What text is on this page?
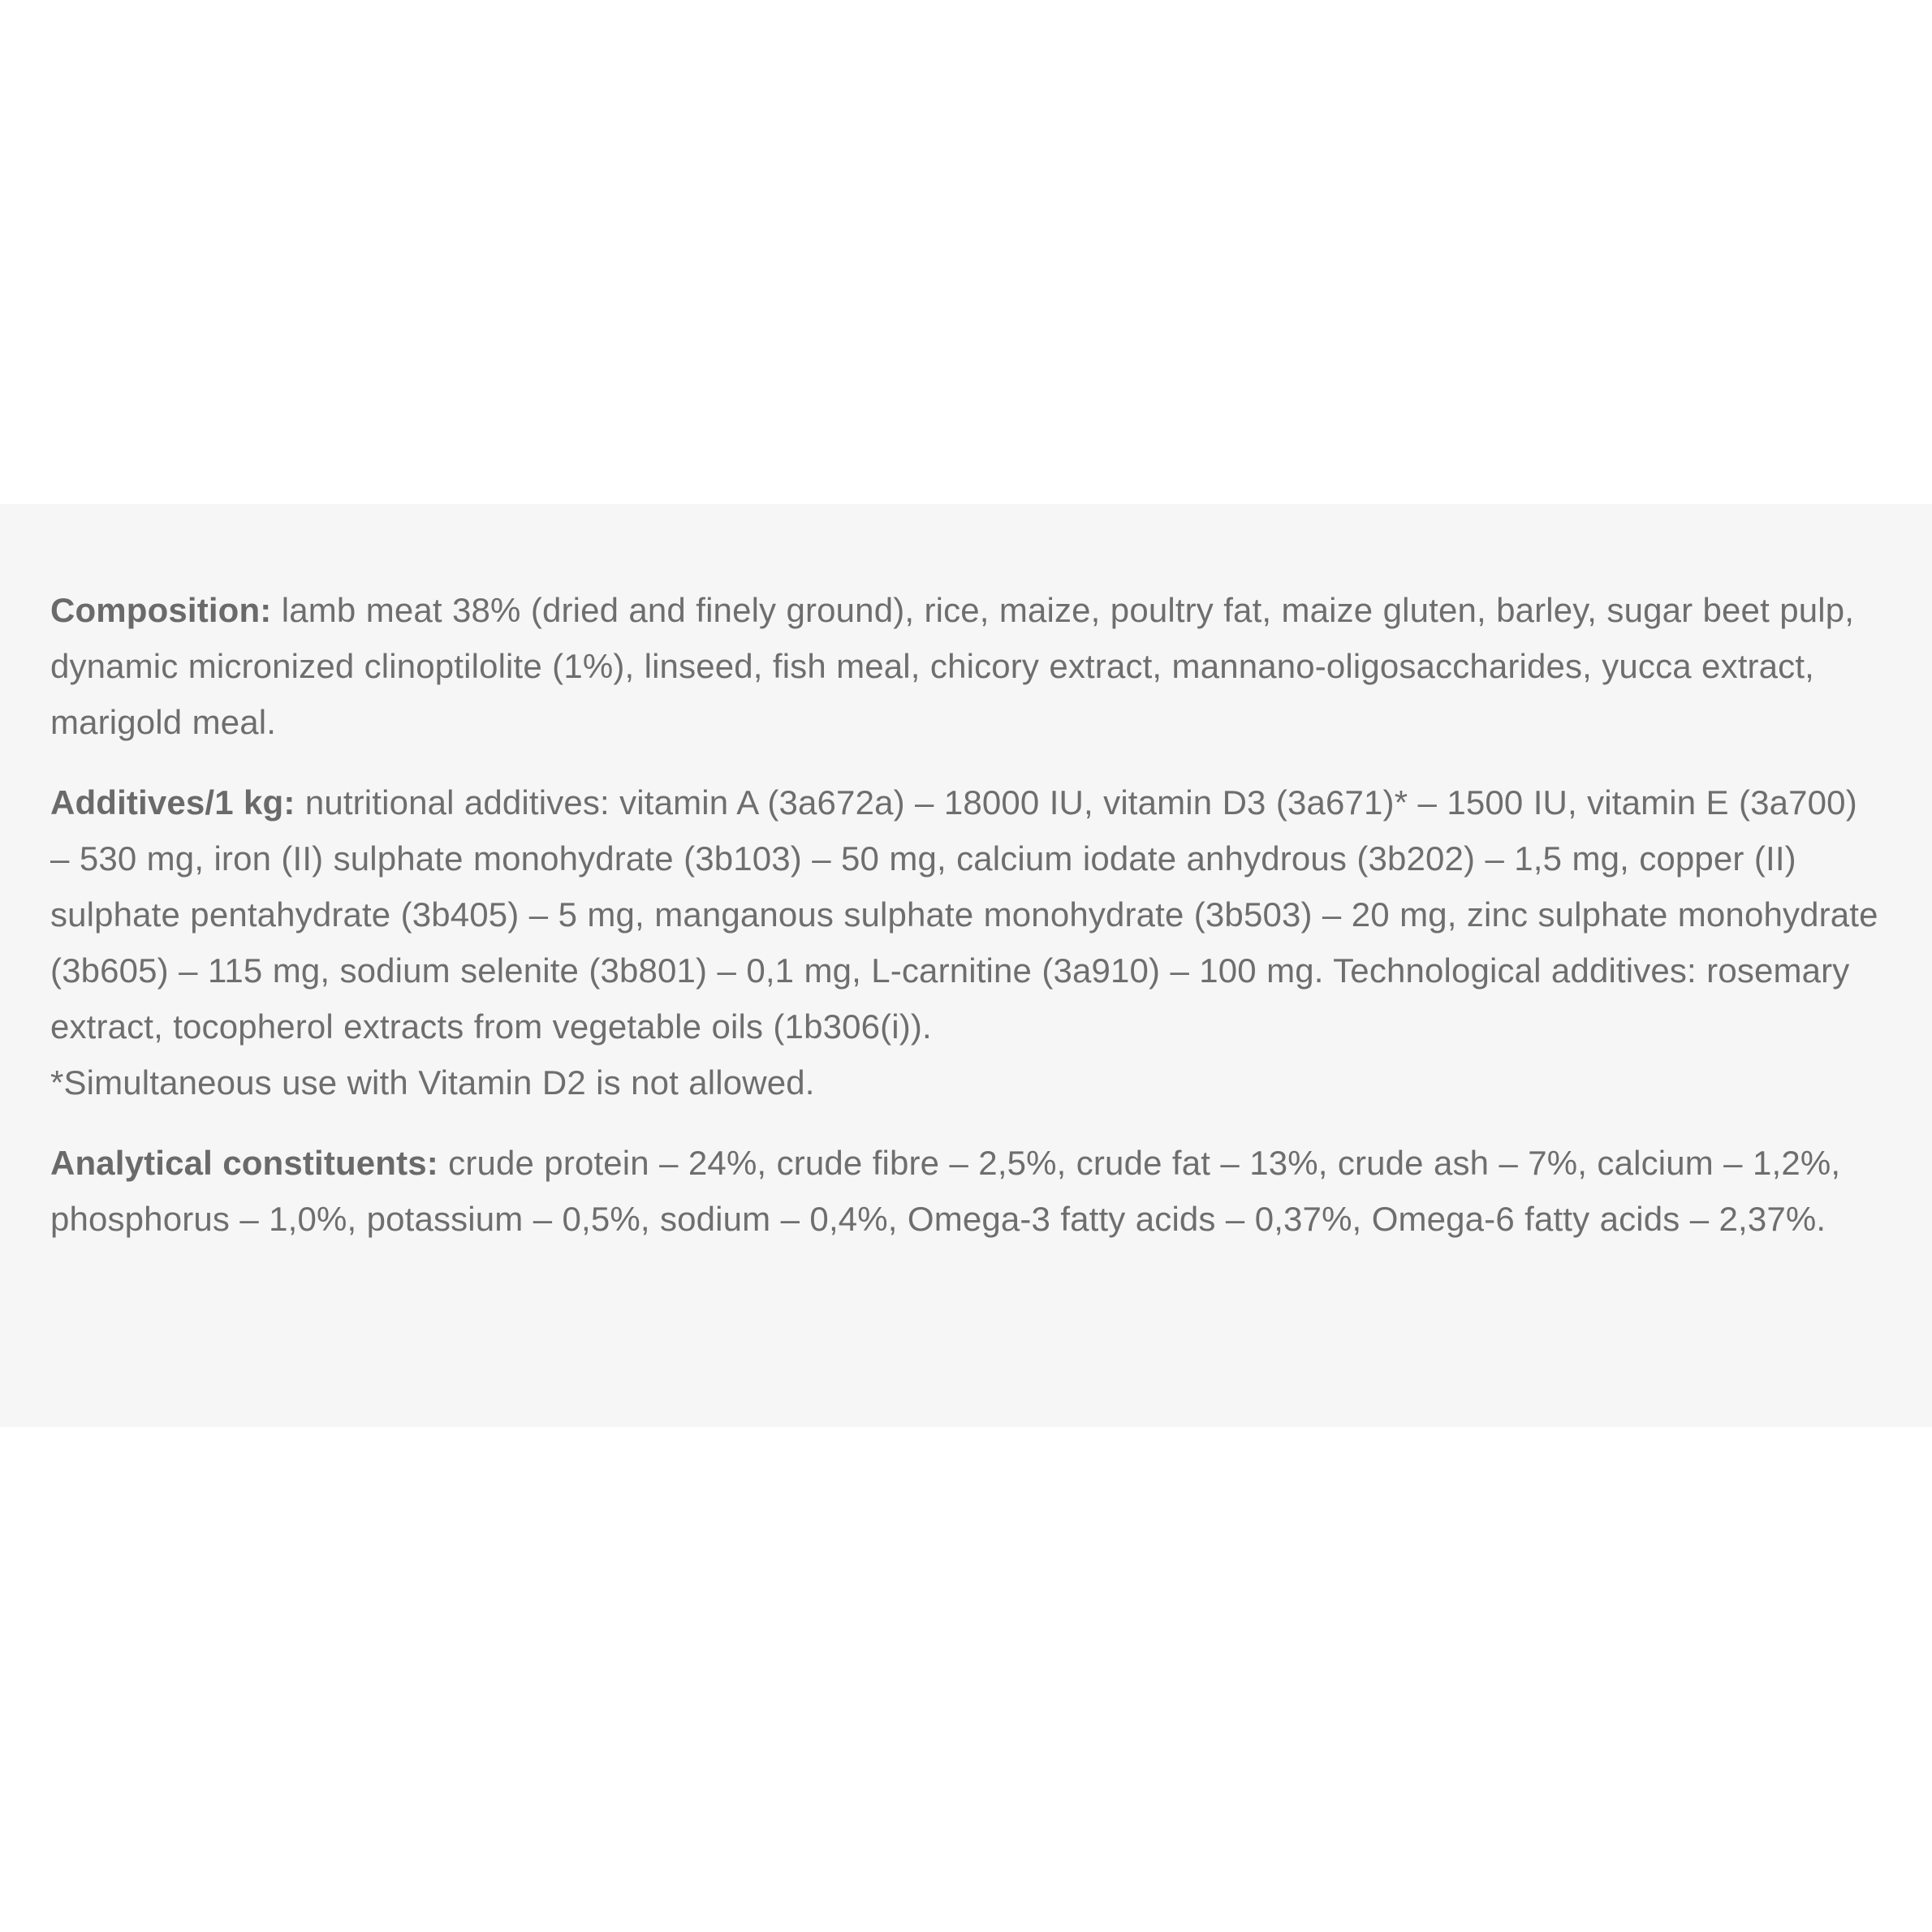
Composition: lamb meat 38% (dried and finely ground), rice, maize, poultry fat, maize gluten, barley, sugar beet pulp, dynamic micronized clinoptilolite (1%), linseed, fish meal, chicory extract, mannano-oligosaccharides, yucca extract, marigold meal.

Additives/1 kg: nutritional additives: vitamin A (3a672a) – 18000 IU, vitamin D3 (3a671)* – 1500 IU, vitamin E (3a700) – 530 mg, iron (II) sulphate monohydrate (3b103) – 50 mg, calcium iodate anhydrous (3b202) – 1,5 mg, copper (II) sulphate pentahydrate (3b405) – 5 mg, manganous sulphate monohydrate (3b503) – 20 mg, zinc sulphate monohydrate (3b605) – 115 mg, sodium selenite (3b801) – 0,1 mg, L-carnitine (3a910) – 100 mg. Technological additives: rosemary extract, tocopherol extracts from vegetable oils (1b306(i)).
*Simultaneous use with Vitamin D2 is not allowed.

Analytical constituents: crude protein – 24%, crude fibre – 2,5%, crude fat – 13%, crude ash – 7%, calcium – 1,2%, phosphorus – 1,0%, potassium – 0,5%, sodium – 0,4%, Omega-3 fatty acids – 0,37%, Omega-6 fatty acids – 2,37%.
